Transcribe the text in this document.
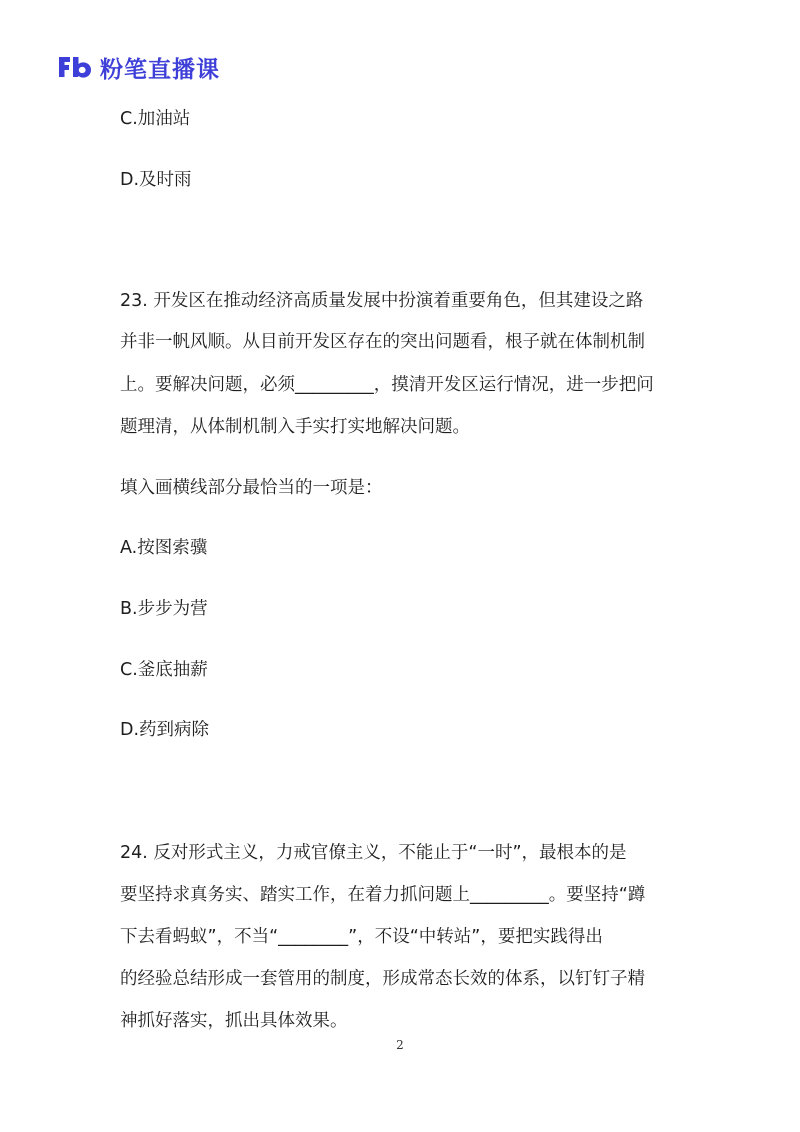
粉笔直播课
C.加油站
D.及时雨
23. 开发区在推动经济高质量发展中扮演着重要角色，但其建设之路
并非一帆风顺。从目前开发区存在的突出问题看，根子就在体制机制
上。要解决问题，必须_________，摸清开发区运行情况，进一步把问
题理清，从体制机制入手实打实地解决问题。
填入画横线部分最恰当的一项是：
A.按图索骥
B.步步为营
C.釜底抽薪
D.药到病除
24. 反对形式主义，力戒官僚主义，不能止于“一时”，最根本的是
要坚持求真务实、踏实工作，在着力抓问题上_________。要坚持“蹲
下去看蚂蚁”，不当“________”，不设“中转站”，要把实践得出
的经验总结形成一套管用的制度，形成常态长效的体系，以钉钉子精
神抓好落实，抓出具体效果。
2
